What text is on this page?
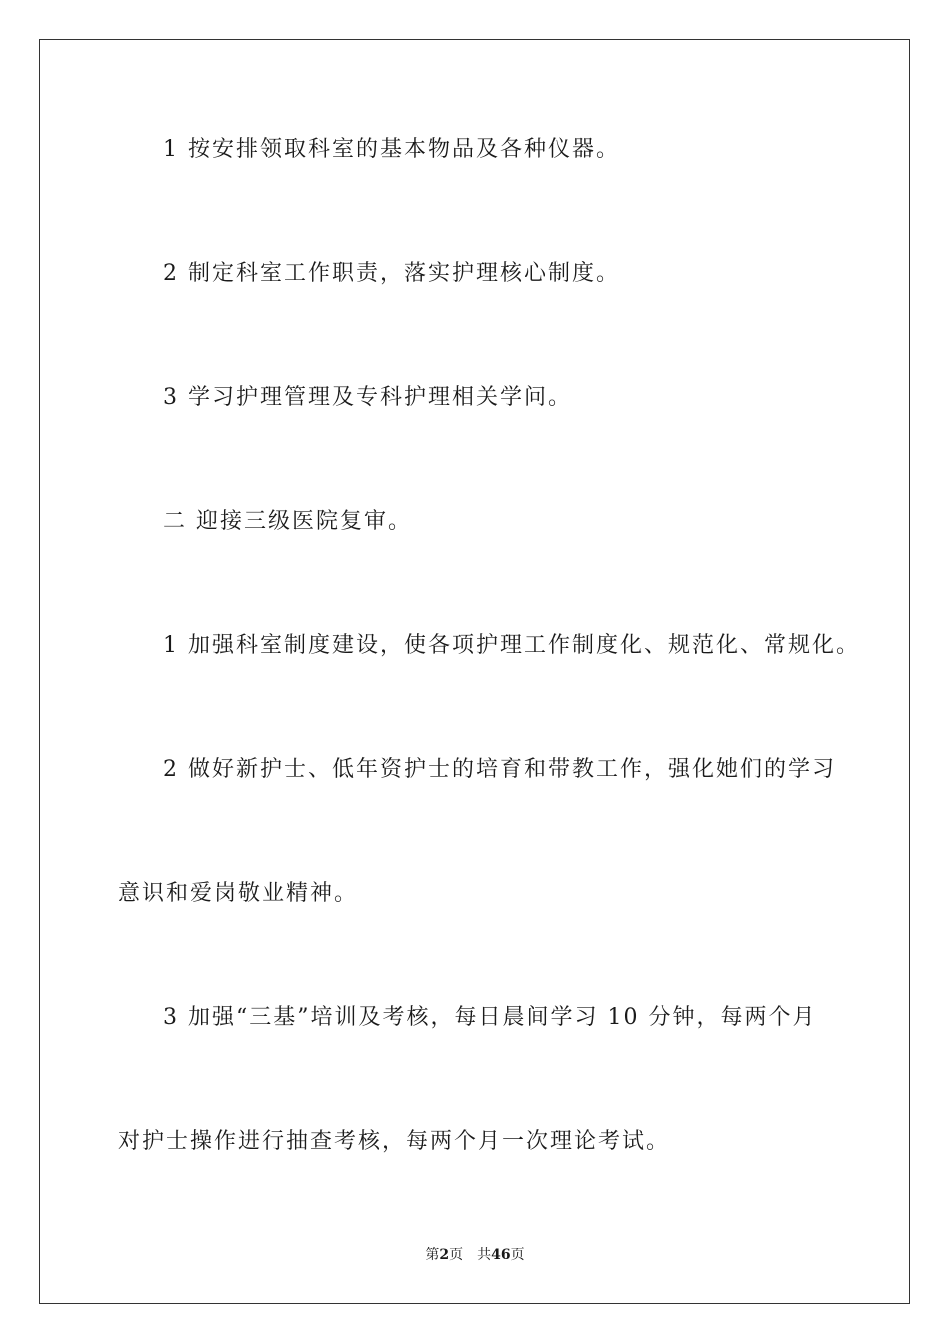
1 按安排领取科室的基本物品及各种仪器。

2 制定科室工作职责，落实护理核心制度。

3 学习护理管理及专科护理相关学问。

二 迎接三级医院复审。

1 加强科室制度建设，使各项护理工作制度化、规范化、常规化。

2 做好新护士、低年资护士的培育和带教工作，强化她们的学习

意识和爱岗敬业精神。

3 加强“三基”培训及考核，每日晨间学习 10 分钟，每两个月

对护士操作进行抽查考核，每两个月一次理论考试。

第2页 共46页
